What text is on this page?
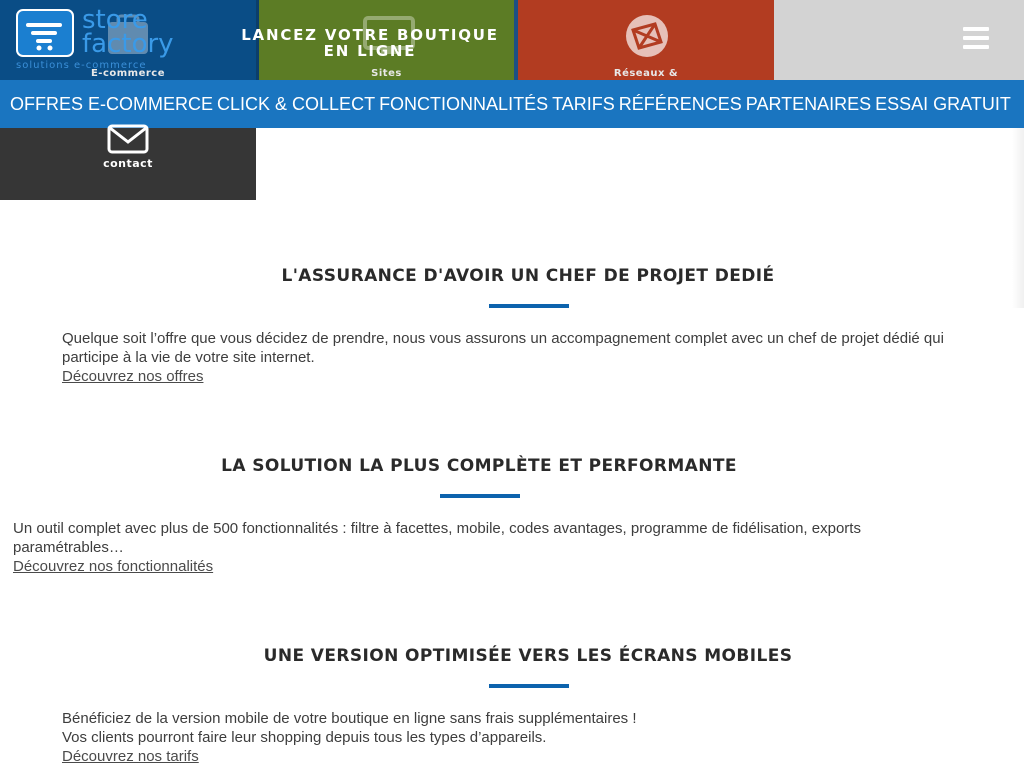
E-commerce	Sites	Réseaux &
store
factory
solutions e-commerce
LANCEZ VOTRE BOUTIQUE EN LIGNE
OFFRES E-COMMERCE CLICK & COLLECT FONCTIONNALITÉS TARIFS RÉFÉRENCES PARTENAIRES ESSAI GRATUIT
contact
L'ASSURANCE D'AVOIR UN CHEF DE PROJET DEDIÉ
Quelque soit l’offre que vous décidez de prendre, nous vous assurons un accompagnement complet avec un chef de projet dédié qui participe à la vie de votre site internet.
Découvrez nos offres
LA SOLUTION LA PLUS COMPLÈTE ET PERFORMANTE
Un outil complet avec plus de 500 fonctionnalités : filtre à facettes, mobile, codes avantages, programme de fidélisation, exports paramétrables…
Découvrez nos fonctionnalités
UNE VERSION OPTIMISÉE VERS LES ÉCRANS MOBILES
Bénéficiez de la version mobile de votre boutique en ligne sans frais supplémentaires !
Vos clients pourront faire leur shopping depuis tous les types d’appareils.
Découvrez nos tarifs
